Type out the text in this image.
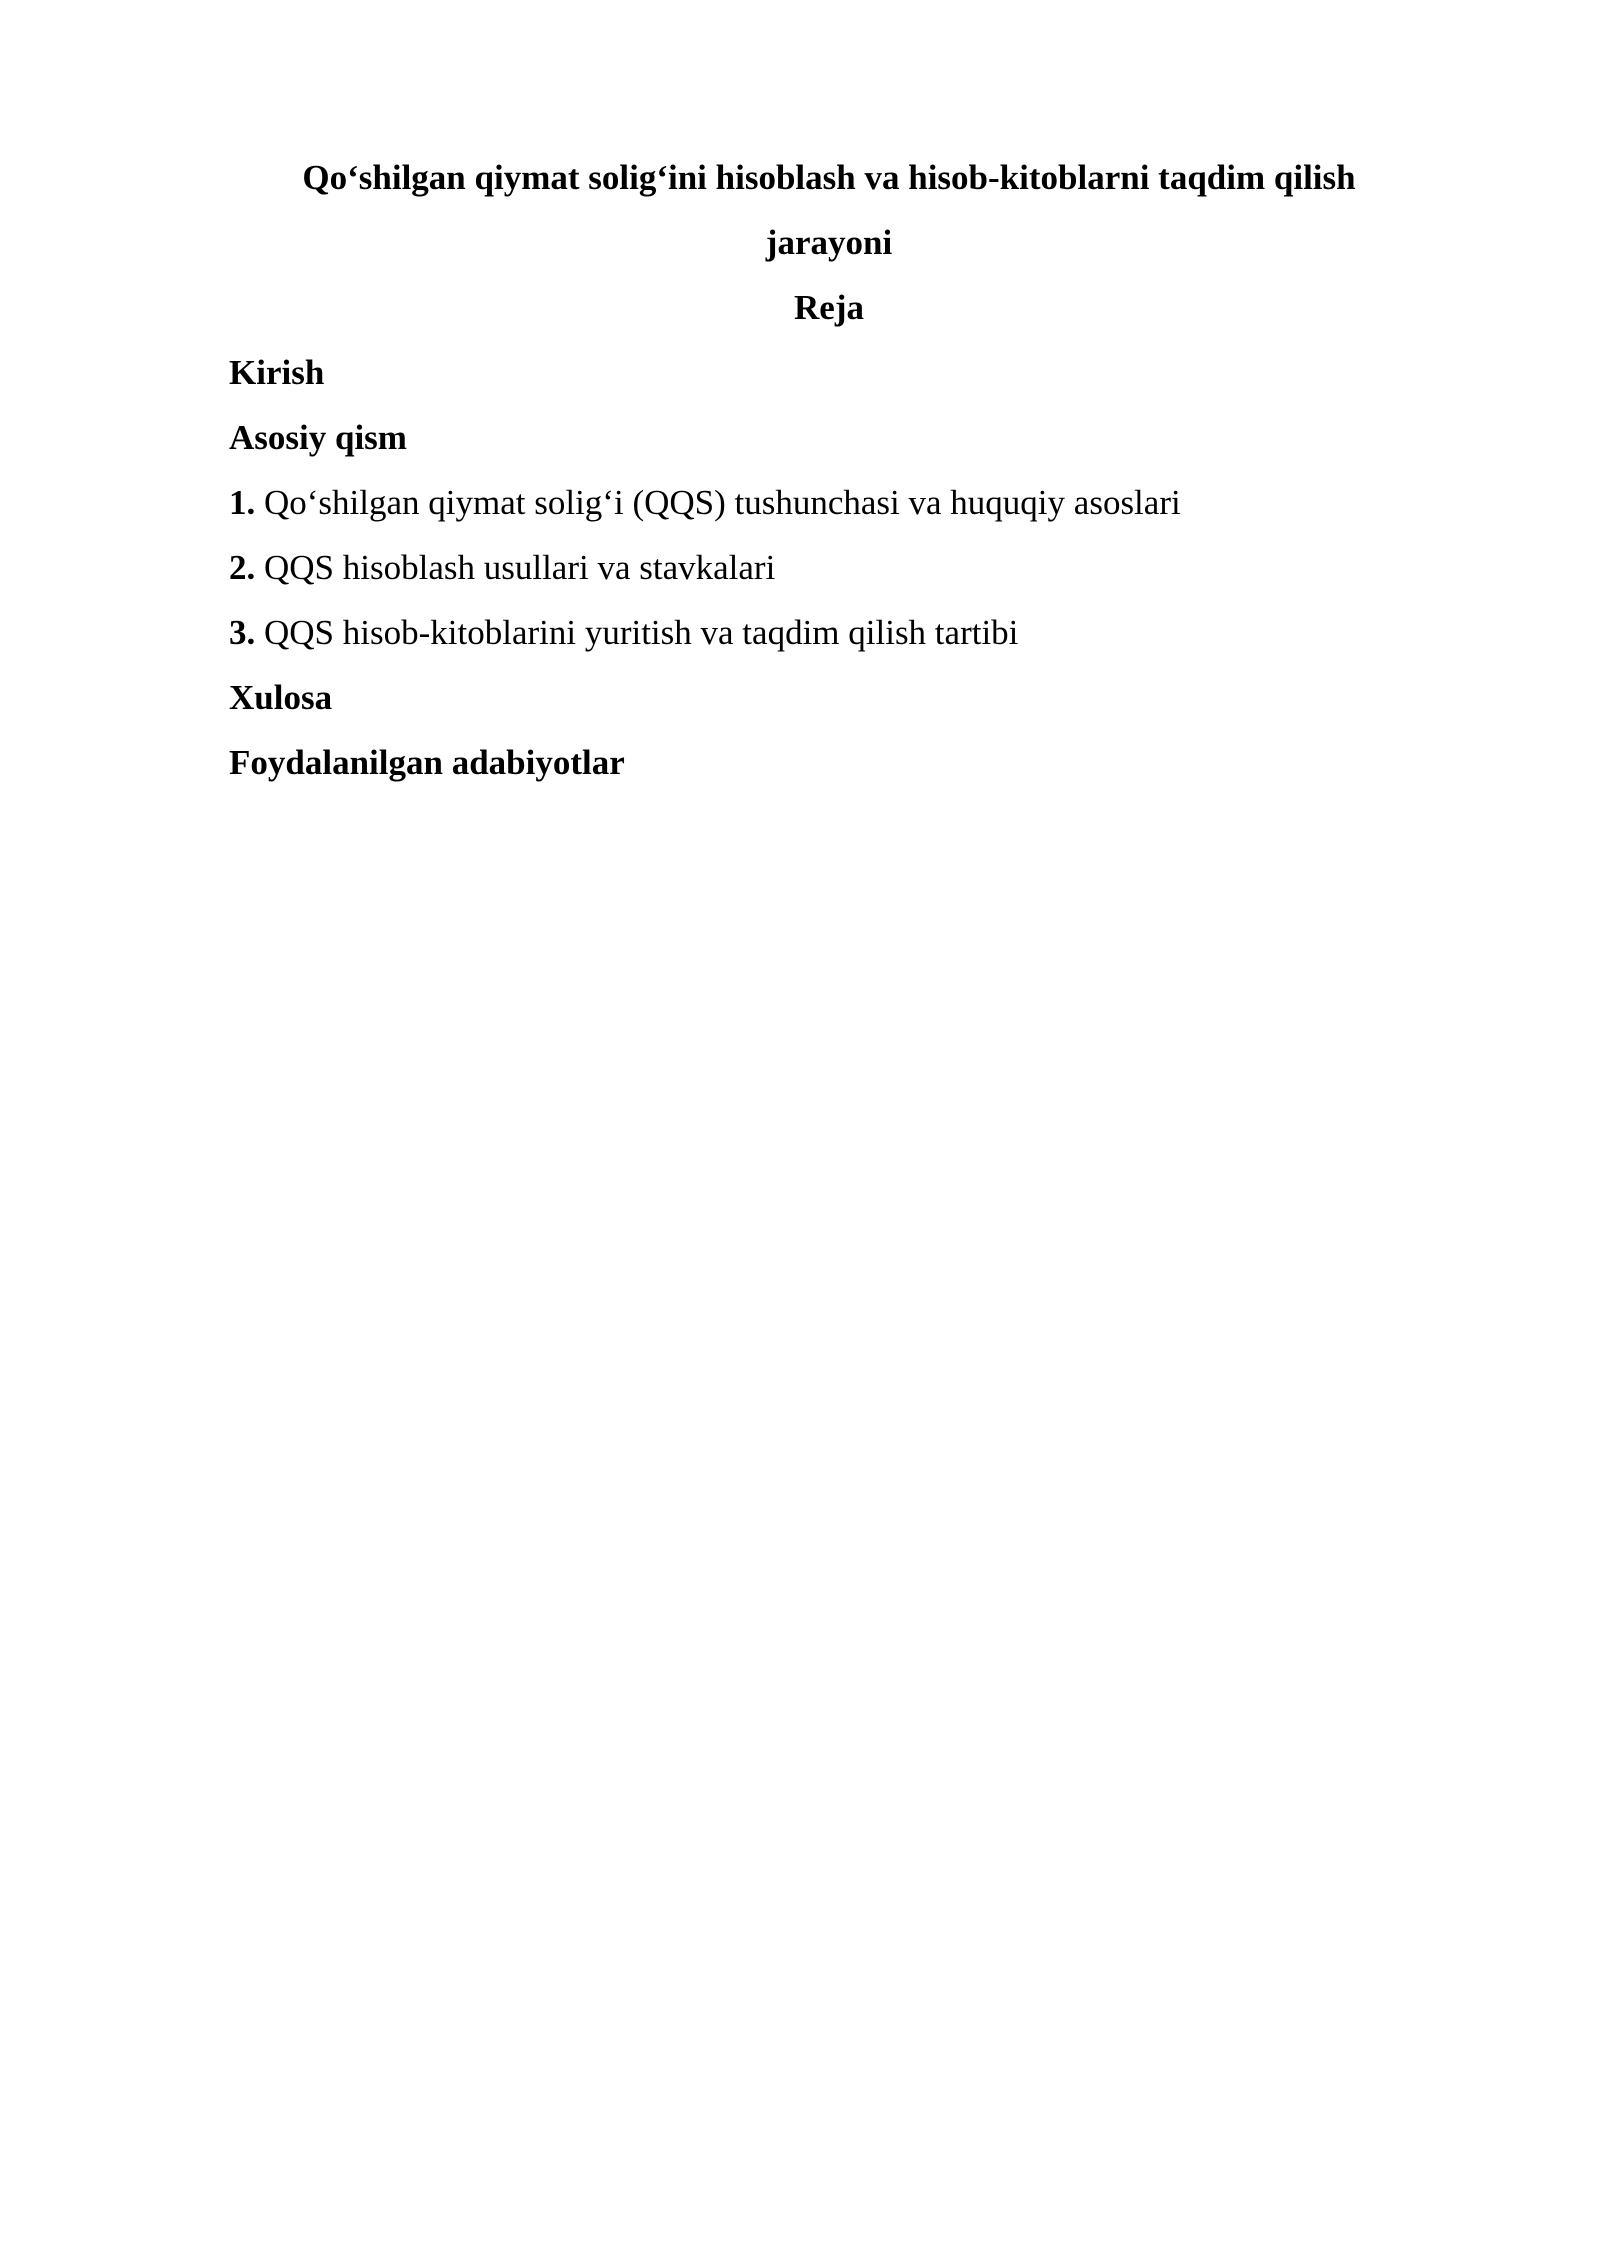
Qo‘shilgan qiymat solig‘ini hisoblash va hisob-kitoblarni taqdim qilish
jarayoni

Reja

Kirish

Asosiy qism

1. Qo‘shilgan qiymat solig‘i (QQS) tushunchasi va huquqiy asoslari

2. QQS hisoblash usullari va stavkalari

3. QQS hisob-kitoblarini yuritish va taqdim qilish tartibi

Xulosa

Foydalanilgan adabiyotlar
